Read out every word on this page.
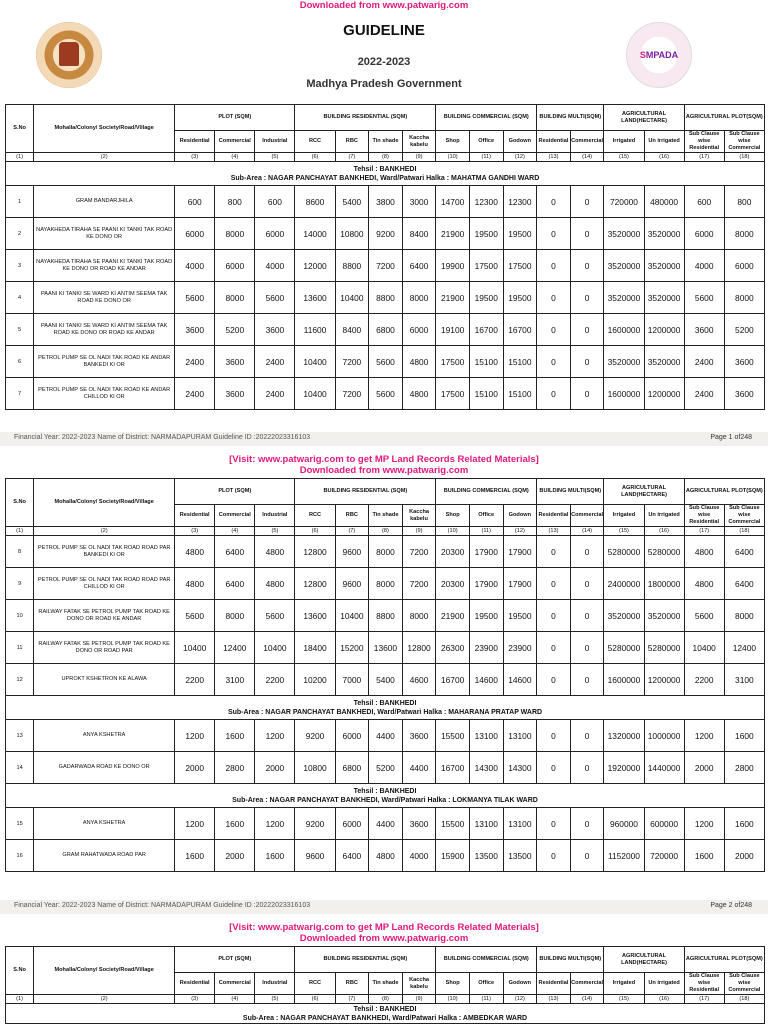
Downloaded from www.patwarig.com
GUIDELINE
2022-2023
Madhya Pradesh Government
SMPADA
S.No	Mohalla/Colony/ Society/Road/Village	PLOT (SQM)			BUILDING RESIDENTIAL (SQM)				BUILDING COMMERCIAL (SQM)			BUILDING MULTI(SQM)		AGRICULTURAL LAND(HECTARE)		AGRICULTURAL PLOT(SQM)	
		Residential	Commercial	Industrial	RCC	RBC	Tin shade	Kaccha kabelu	Shop	Office	Godown	Residential	Commercial	Irrigated	Un irrigated	Sub Clause wise Residential	Sub Clause wise Commercial
(1)	(2)	(3)	(4)	(5)	(6)	(7)	(8)	(9)	(10)	(11)	(12)	(13)	(14)	(15)	(16)	(17)	(18)

Tehsil : BANKHEDI
Sub-Area : NAGAR PANCHAYAT BANKHEDI, Ward/Patwari Halka : MAHATMA GANDHI WARD																	

1	GRAM BANDARJHILA	600	800	600	8600	5400	3800	3000	14700	12300	12300	0	0	720000	480000	600	800
2	NAYAKHEDA TIRAHA SE PAANI KI TANKI TAK ROAD KE DONO OR	6000	8000	6000	14000	10800	9200	8400	21900	19500	19500	0	0	3520000	3520000	6000	8000
3	NAYAKHEDA TIRAHA SE PAANI KI TANKI TAK ROAD KE DONO OR ROAD KE ANDAR	4000	6000	4000	12000	8800	7200	6400	19900	17500	17500	0	0	3520000	3520000	4000	6000
4	PAANI KI TANKI SE WARD KI ANTIM SEEMA TAK ROAD KE DONO OR	5600	8000	5600	13600	10400	8800	8000	21900	19500	19500	0	0	3520000	3520000	5600	8000
5	PAANI KI TANKI SE WARD KI ANTIM SEEMA TAK ROAD KE DONO OR ROAD KE ANDAR	3600	5200	3600	11600	8400	6800	6000	19100	16700	16700	0	0	1600000	1200000	3600	5200
6	PETROL PUMP SE OL NADI TAK ROAD KE ANDAR BANKEDI KI OR	2400	3600	2400	10400	7200	5600	4800	17500	15100	15100	0	0	3520000	3520000	2400	3600
7	PETROL PUMP SE OL NADI TAK ROAD KE ANDAR CHILLOD KI OR	2400	3600	2400	10400	7200	5600	4800	17500	15100	15100	0	0	1600000	1200000	2400	3600
Financial Year: 2022-2023 Name of District: NARMADAPURAM Guideline ID :20222023316103	Page 1 of248
[Visit: www.patwarig.com to get MP Land Records Related Materials]
Downloaded from www.patwarig.com
S.No	Mohalla/Colony/ Society/Road/Village	PLOT (SQM)			BUILDING RESIDENTIAL (SQM)				BUILDING COMMERCIAL (SQM)			BUILDING MULTI(SQM)		AGRICULTURAL LAND(HECTARE)		AGRICULTURAL PLOT(SQM)	
		Residential	Commercial	Industrial	RCC	RBC	Tin shade	Kaccha kabelu	Shop	Office	Godown	Residential	Commercial	Irrigated	Un irrigated	Sub Clause wise Residential	Sub Clause wise Commercial
(1)	(2)	(3)	(4)	(5)	(6)	(7)	(8)	(9)	(10)	(11)	(12)	(13)	(14)	(15)	(16)	(17)	(18)
8	PETROL PUMP SE OL NADI TAK ROAD ROAD PAR BANKEDI KI OR	4800	6400	4800	12800	9600	8000	7200	20300	17900	17900	0	0	5280000	5280000	4800	6400
9	PETROL PUMP SE OL NADI TAK ROAD ROAD PAR CHILLOD KI OR	4800	6400	4800	12800	9600	8000	7200	20300	17900	17900	0	0	2400000	1800000	4800	6400
10	RAILWAY FATAK SE PETROL PUMP TAK ROAD KE DONO OR ROAD KE ANDAR	5600	8000	5600	13600	10400	8800	8000	21900	19500	19500	0	0	3520000	3520000	5600	8000
11	RAILWAY FATAK SE PETROL PUMP TAK ROAD KE DONO OR ROAD PAR	10400	12400	10400	18400	15200	13600	12800	26300	23900	23900	0	0	5280000	5280000	10400	12400
12	UPROKT KSHETRON KE ALAWA	2200	3100	2200	10200	7000	5400	4600	16700	14600	14600	0	0	1600000	1200000	2200	3100

Tehsil : BANKHEDI
Sub-Area : NAGAR PANCHAYAT BANKHEDI, Ward/Patwari Halka : MAHARANA PRATAP WARD																	

13	ANYA KSHETRA	1200	1600	1200	9200	6000	4400	3600	15500	13100	13100	0	0	1320000	1000000	1200	1600
14	GADARWADA ROAD KE DONO OR	2000	2800	2000	10800	6800	5200	4400	16700	14300	14300	0	0	1920000	1440000	2000	2800

Tehsil : BANKHEDI
Sub-Area : NAGAR PANCHAYAT BANKHEDI, Ward/Patwari Halka : LOKMANYA TILAK WARD																	

15	ANYA KSHETRA	1200	1600	1200	9200	6000	4400	3600	15500	13100	13100	0	0	960000	600000	1200	1600
16	GRAM RAHATWADA ROAD PAR	1600	2000	1600	9600	6400	4800	4000	15900	13500	13500	0	0	1152000	720000	1600	2000
Financial Year: 2022-2023 Name of District: NARMADAPURAM Guideline ID :20222023316103	Page 2 of248
[Visit: www.patwarig.com to get MP Land Records Related Materials]
Downloaded from www.patwarig.com
S.No	Mohalla/Colony/ Society/Road/Village	PLOT (SQM)			BUILDING RESIDENTIAL (SQM)				BUILDING COMMERCIAL (SQM)			BUILDING MULTI(SQM)		AGRICULTURAL LAND(HECTARE)		AGRICULTURAL PLOT(SQM)	
		Residential	Commercial	Industrial	RCC	RBC	Tin shade	Kaccha kabelu	Shop	Office	Godown	Residential	Commercial	Irrigated	Un irrigated	Sub Clause wise Residential	Sub Clause wise Commercial
(1)	(2)	(3)	(4)	(5)	(6)	(7)	(8)	(9)	(10)	(11)	(12)	(13)	(14)	(15)	(16)	(17)	(18)

Tehsil : BANKHEDI
Sub-Area : NAGAR PANCHAYAT BANKHEDI, Ward/Patwari Halka : AMBEDKAR WARD																	
